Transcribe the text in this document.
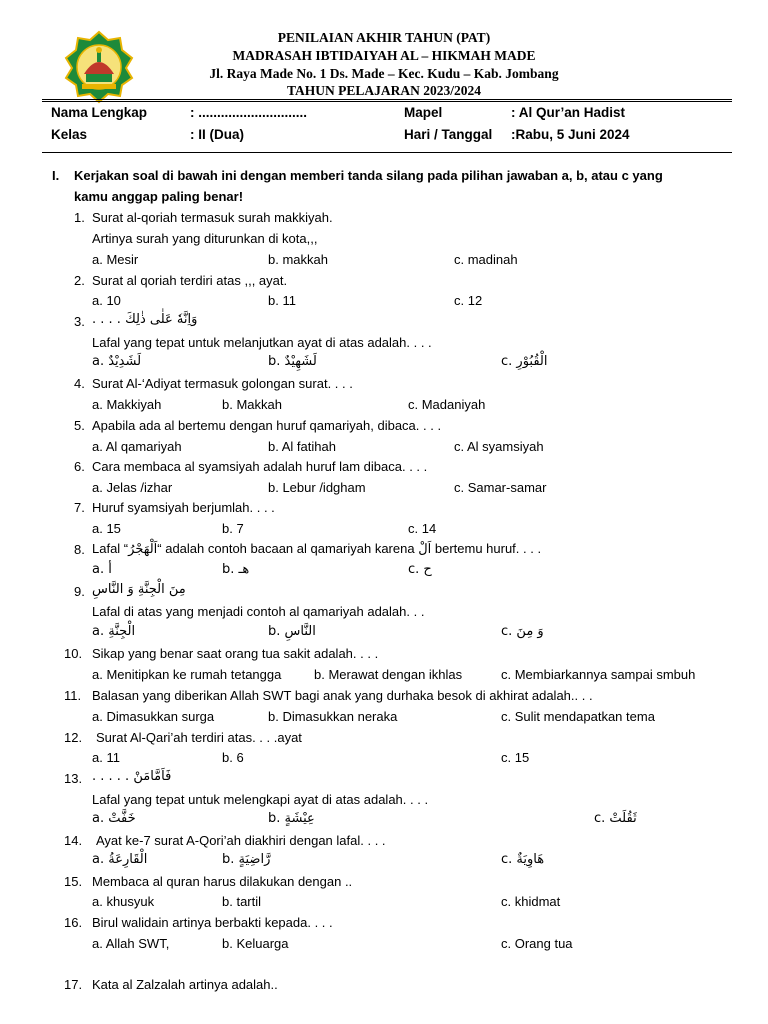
PENILAIAN AKHIR TAHUN (PAT)
MADRASAH IBTIDAIYAH AL – HIKMAH MADE
Jl. Raya Made No. 1 Ds. Made – Kec. Kudu – Kab. Jombang
TAHUN PELAJARAN 2023/2024
Nama Lengkap	: .............................	Mapel	: Al Qur’an Hadist
Kelas	: II (Dua)	Hari / Tanggal :Rabu, 5 Juni 2024
I. Kerjakan soal di bawah ini dengan memberi tanda silang pada pilihan jawaban a, b, atau c yang
kamu anggap paling benar!
1. Surat al-qoriah termasuk surah makkiyah.
Artinya surah yang diturunkan di kota,,,
a. Mesir	b. makkah	c. madinah
2. Surat al qoriah terdiri atas ,,, ayat.
a. 10	b. 11	c. 12
3. . . . . وَاِنَّهٗ عَلٰى ذٰلِكَ
Lafal yang tepat untuk melanjutkan ayat di atas adalah. . . .
a. لَشَدِيْدٌ	b. لَشَهِيْدٌ	c. الْقُبُوْرِ
4. Surat Al-‘Adiyat termasuk golongan surat. . . .
a. Makkiyah	b. Makkah	c. Madaniyah
5. Apabila ada al bertemu dengan huruf qamariyah, dibaca. . . .
a. Al qamariyah	b. Al fatihah	c. Al syamsiyah
6. Cara membaca al syamsiyah adalah huruf lam dibaca. . . .
a. Jelas /izhar	b. Lebur /idgham	c. Samar-samar
7. Huruf syamsiyah berjumlah. . . .
a. 15	b. 7	c. 14
8. Lafal “اَلْهَجْرُ“ adalah contoh bacaan al qamariyah karena اَلْ bertemu huruf. . . .
a. أ	b. هـ	c. ح
9. مِنَ الْجِنَّةِ وَ النَّاسِ
Lafal di atas yang menjadi contoh al qamariyah adalah. . .
a. الْجِنَّةِ	b. النَّاسِ	c. وَ مِنَ
10. Sikap yang benar saat orang tua sakit adalah. . . .
a. Menitipkan ke rumah tetangga	b. Merawat dengan ikhlas	c. Membiarkannya sampai smbuh
11. Balasan yang diberikan Allah SWT bagi anak yang durhaka besok di akhirat adalah.. . .
a. Dimasukkan surga	b. Dimasukkan neraka	c. Sulit mendapatkan tema
12. Surat Al-Qari’ah terdiri atas. . . .ayat
a. 11	b. 6	c. 15
13. . . . . . فَاَمَّامَنْ
Lafal yang tepat untuk melengkapi ayat di atas adalah. . . .
a. خَفَّتْ	b. عِيْشَةٍ	c. ثَقُلَتْ
14. Ayat ke-7 surat A-Qori’ah diakhiri dengan lafal. . . .
a. الْقَارِعَةُ	b. رَّاضِيَةٍ	c. هَاوِيَةٌ
15. Membaca al quran harus dilakukan dengan ..
a. khusyuk	b. tartil	c. khidmat
16. Birul walidain artinya berbakti kepada. . . .
a. Allah SWT,	b. Keluarga	c. Orang tua
17. Kata al Zalzalah artinya adalah..
